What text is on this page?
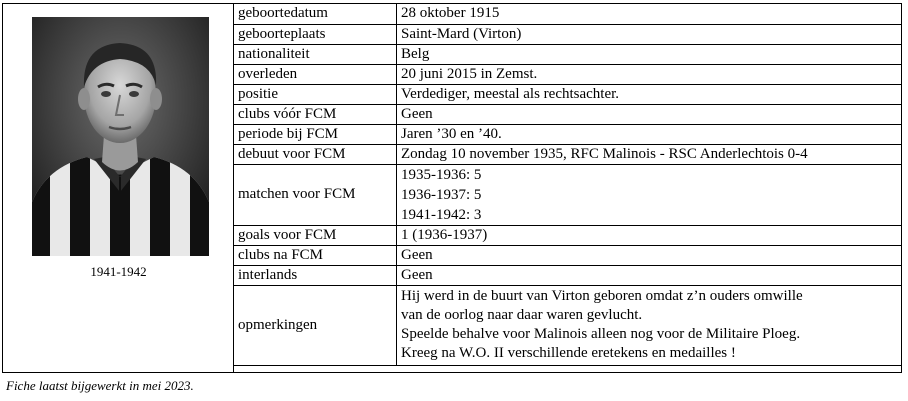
1941-1942
geboortedatum	28 oktober 1915

geboorteplaats	Saint-Mard (Virton)

nationaliteit	Belg

overleden	20 juni 2015 in Zemst.

positie	Verdediger, meestal als rechtsachter.

clubs vóór FCM	Geen

periode bij FCM	Jaren ’30 en ’40.

debuut voor FCM	Zondag 10 november 1935, RFC Malinois - RSC Anderlechtois 0-4

matchen voor FCM	1935-1936: 5
1936-1937: 5
1941-1942: 3

goals voor FCM	1 (1936-1937)

clubs na FCM	Geen

interlands	Geen

opmerkingen	Hij werd in de buurt van Virton geboren omdat z’n ouders omwille
van de oorlog naar daar waren gevlucht.
Speelde behalve voor Malinois alleen nog voor de Militaire Ploeg.
Kreeg na W.O. II verschillende eretekens en medailles !
Fiche laatst bijgewerkt in mei 2023.
